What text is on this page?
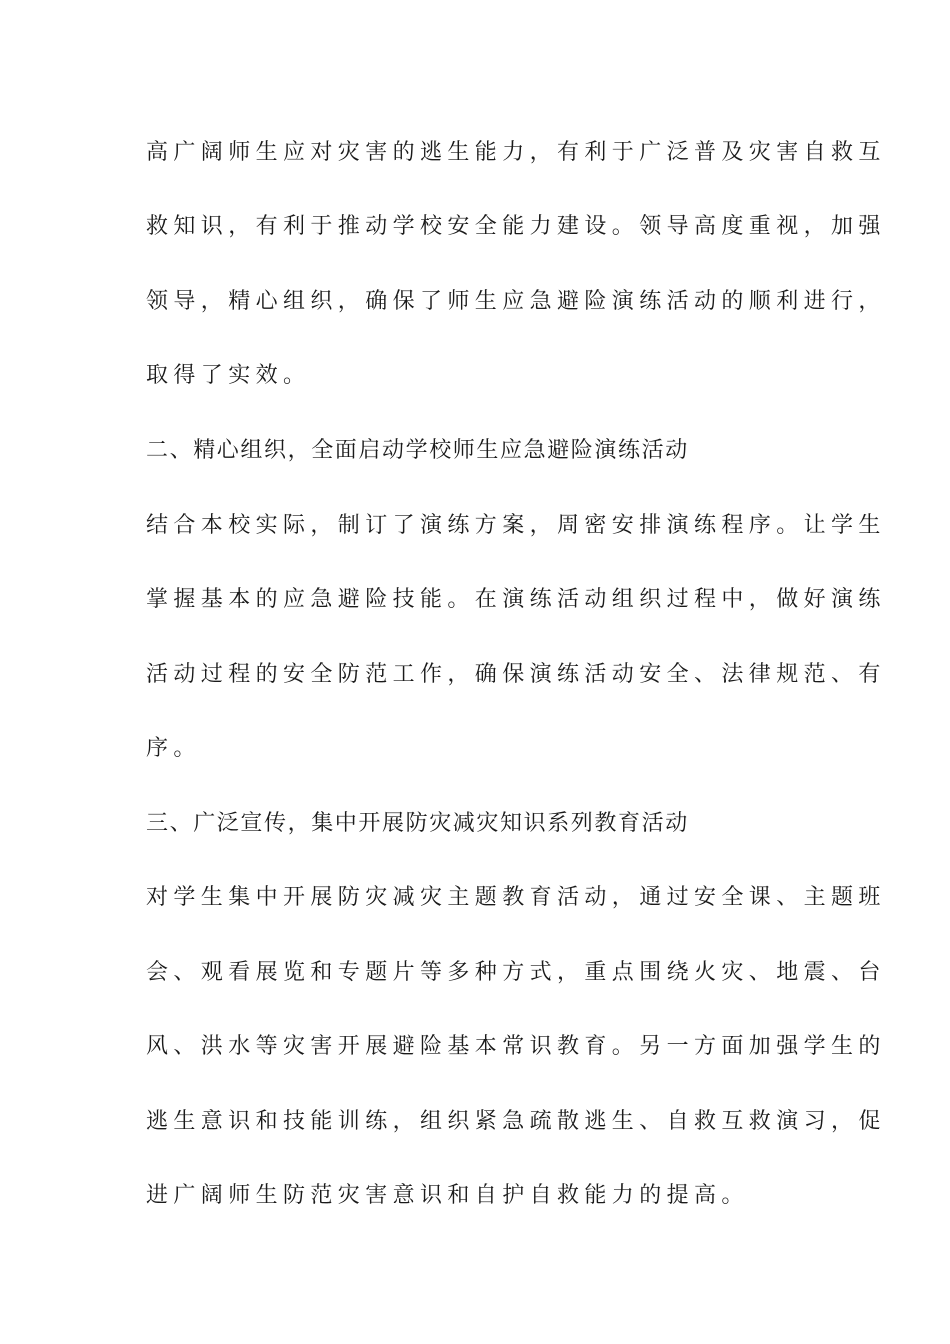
高广阔师生应对灾害的逃生能力，有利于广泛普及灾害自救互
救知识，有利于推动学校安全能力建设。领导高度重视，加强
领导，精心组织，确保了师生应急避险演练活动的顺利进行，
取得了实效。
二、精心组织，全面启动学校师生应急避险演练活动
结合本校实际，制订了演练方案，周密安排演练程序。让学生
掌握基本的应急避险技能。在演练活动组织过程中，做好演练
活动过程的安全防范工作，确保演练活动安全、法律规范、有
序。
三、广泛宣传，集中开展防灾减灾知识系列教育活动
对学生集中开展防灾减灾主题教育活动，通过安全课、主题班
会、观看展览和专题片等多种方式，重点围绕火灾、地震、台
风、洪水等灾害开展避险基本常识教育。另一方面加强学生的
逃生意识和技能训练，组织紧急疏散逃生、自救互救演习，促
进广阔师生防范灾害意识和自护自救能力的提高。
